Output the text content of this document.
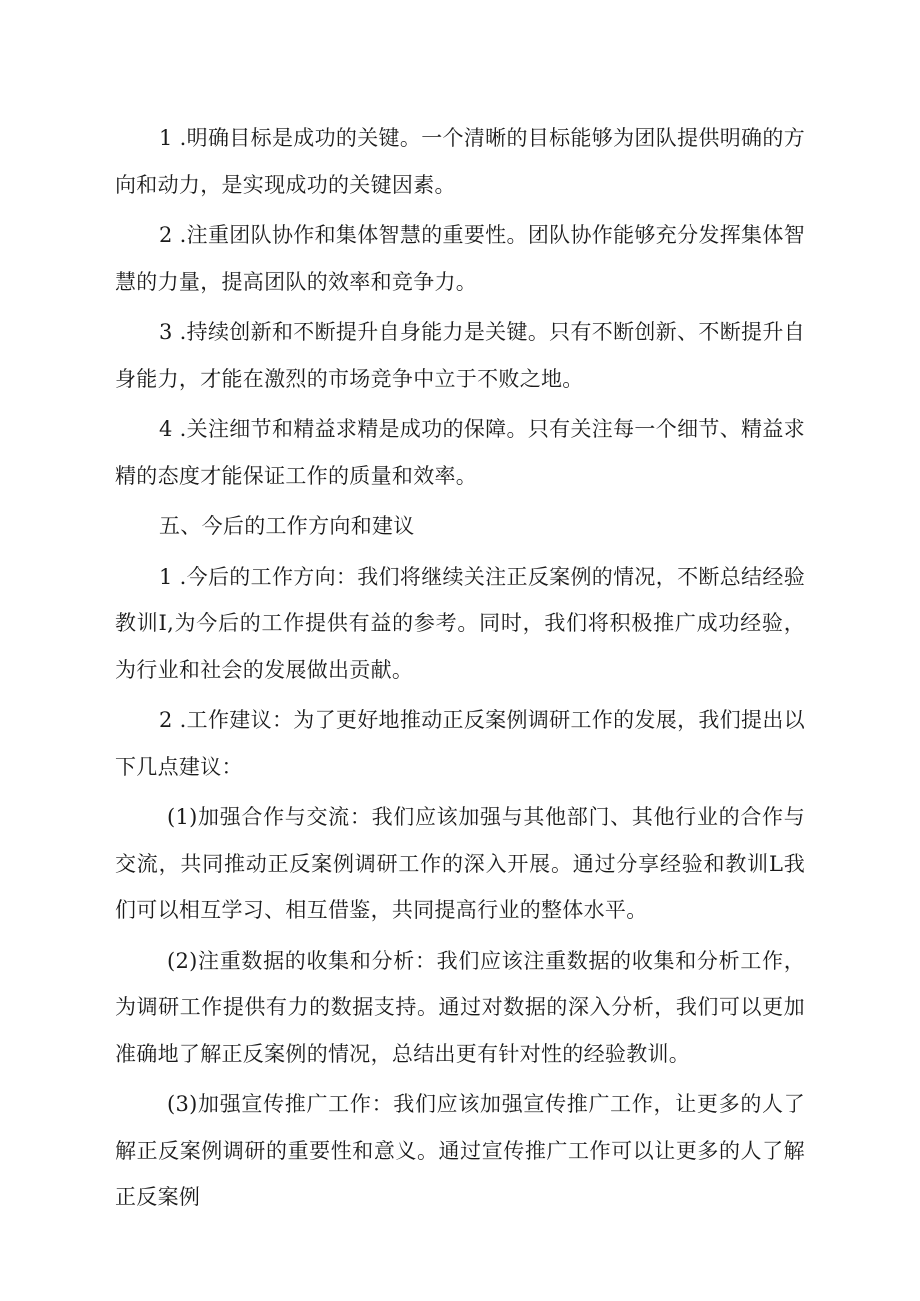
1 .明确目标是成功的关键。一个清晰的目标能够为团队提供明确的方向和动力，是实现成功的关键因素。

2 .注重团队协作和集体智慧的重要性。团队协作能够充分发挥集体智慧的力量，提高团队的效率和竞争力。

3 .持续创新和不断提升自身能力是关键。只有不断创新、不断提升自身能力，才能在激烈的市场竞争中立于不败之地。

4 .关注细节和精益求精是成功的保障。只有关注每一个细节、精益求精的态度才能保证工作的质量和效率。

五、今后的工作方向和建议

1 .今后的工作方向：我们将继续关注正反案例的情况，不断总结经验教训I,为今后的工作提供有益的参考。同时，我们将积极推广成功经验，为行业和社会的发展做出贡献。

2 .工作建议：为了更好地推动正反案例调研工作的发展，我们提出以下几点建议：

(1)加强合作与交流：我们应该加强与其他部门、其他行业的合作与交流，共同推动正反案例调研工作的深入开展。通过分享经验和教训L我们可以相互学习、相互借鉴，共同提高行业的整体水平。

(2)注重数据的收集和分析：我们应该注重数据的收集和分析工作，为调研工作提供有力的数据支持。通过对数据的深入分析，我们可以更加准确地了解正反案例的情况，总结出更有针对性的经验教训。

(3)加强宣传推广工作：我们应该加强宣传推广工作，让更多的人了解正反案例调研的重要性和意义。通过宣传推广工作可以让更多的人了解正反案例
